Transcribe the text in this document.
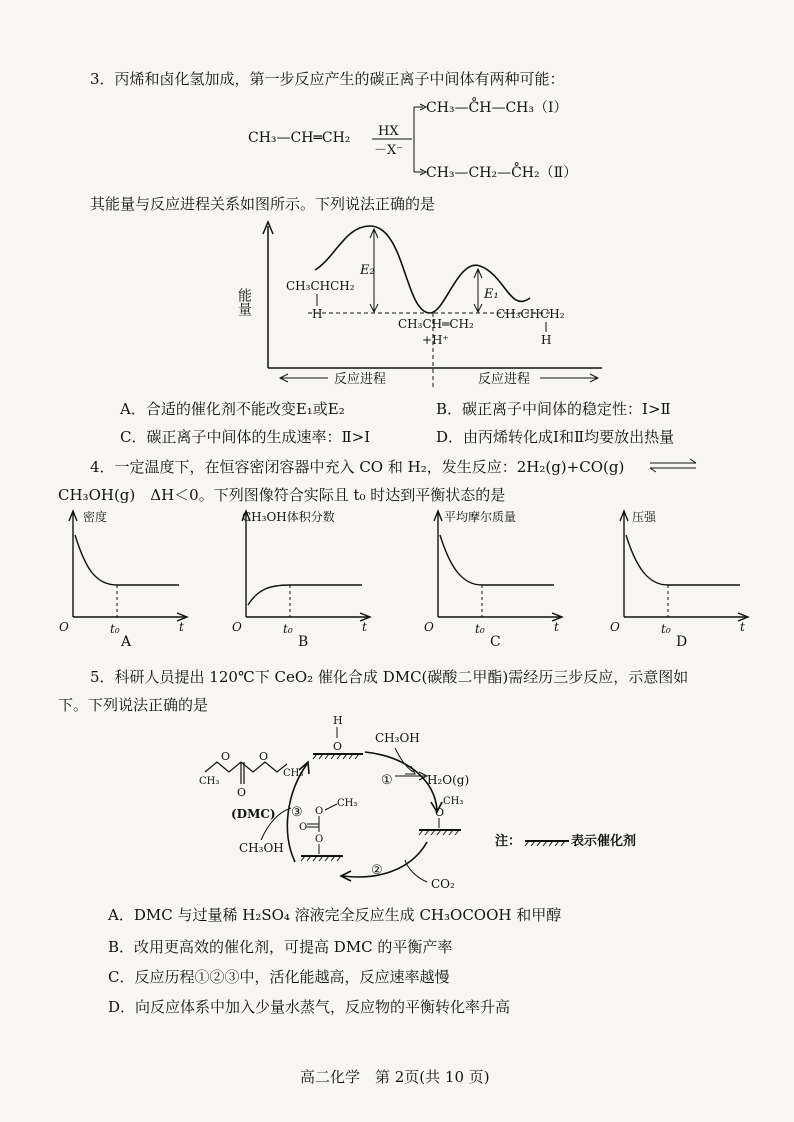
3．丙烯和卤化氢加成，第一步反应产生的碳正离子中间体有两种可能：
CH₃—CH═CH₂ HX
－X⁻
CH₃—C̊H—CH₃（Ⅰ）
CH₃—CH₂—C̊H₂（Ⅱ）
其能量与反应进程关系如图所示。下列说法正确的是
能量
E₂
E₁
CH₃CHCH₂
H
CH₃CH═CH₂
+H⁺
CH₃CHCH₂
H
反应进程	反应进程
A．合适的催化剂不能改变E₁或E₂	B．碳正离子中间体的稳定性：Ⅰ>Ⅱ
C．碳正离子中间体的生成速率：Ⅱ>Ⅰ	D．由丙烯转化成Ⅰ和Ⅱ均要放出热量
4．一定温度下，在恒容密闭容器中充入 CO 和 H₂，发生反应：2H₂(g)+CO(g)
CH₃OH(g)　ΔH＜0。下列图像符合实际且 t₀ 时达到平衡状态的是
密度
O	t₀	t
A
CH₃OH体积分数
O	t₀	t
B
平均摩尔质量
O	t₀	t
C
压强
O	t₀	t
D
5．科研人员提出 120℃下 CeO₂ 催化合成 DMC(碳酸二甲酯)需经历三步反应，示意图如
下。下列说法正确的是
O	O
O
CH₃
CH₃
(DMC)
H
O
CH₃OH
H₂O(g)
①
CH₃
O
CO₂
②
O
O
O
CH₃
③
CH₃OH	注：	表示催化剂
A．DMC 与过量稀 H₂SO₄ 溶液完全反应生成 CH₃OCOOH 和甲醇
B．改用更高效的催化剂，可提高 DMC 的平衡产率
C．反应历程①②③中，活化能越高，反应速率越慢
D．向反应体系中加入少量水蒸气，反应物的平衡转化率升高
高二化学　第 2页(共 10 页)
